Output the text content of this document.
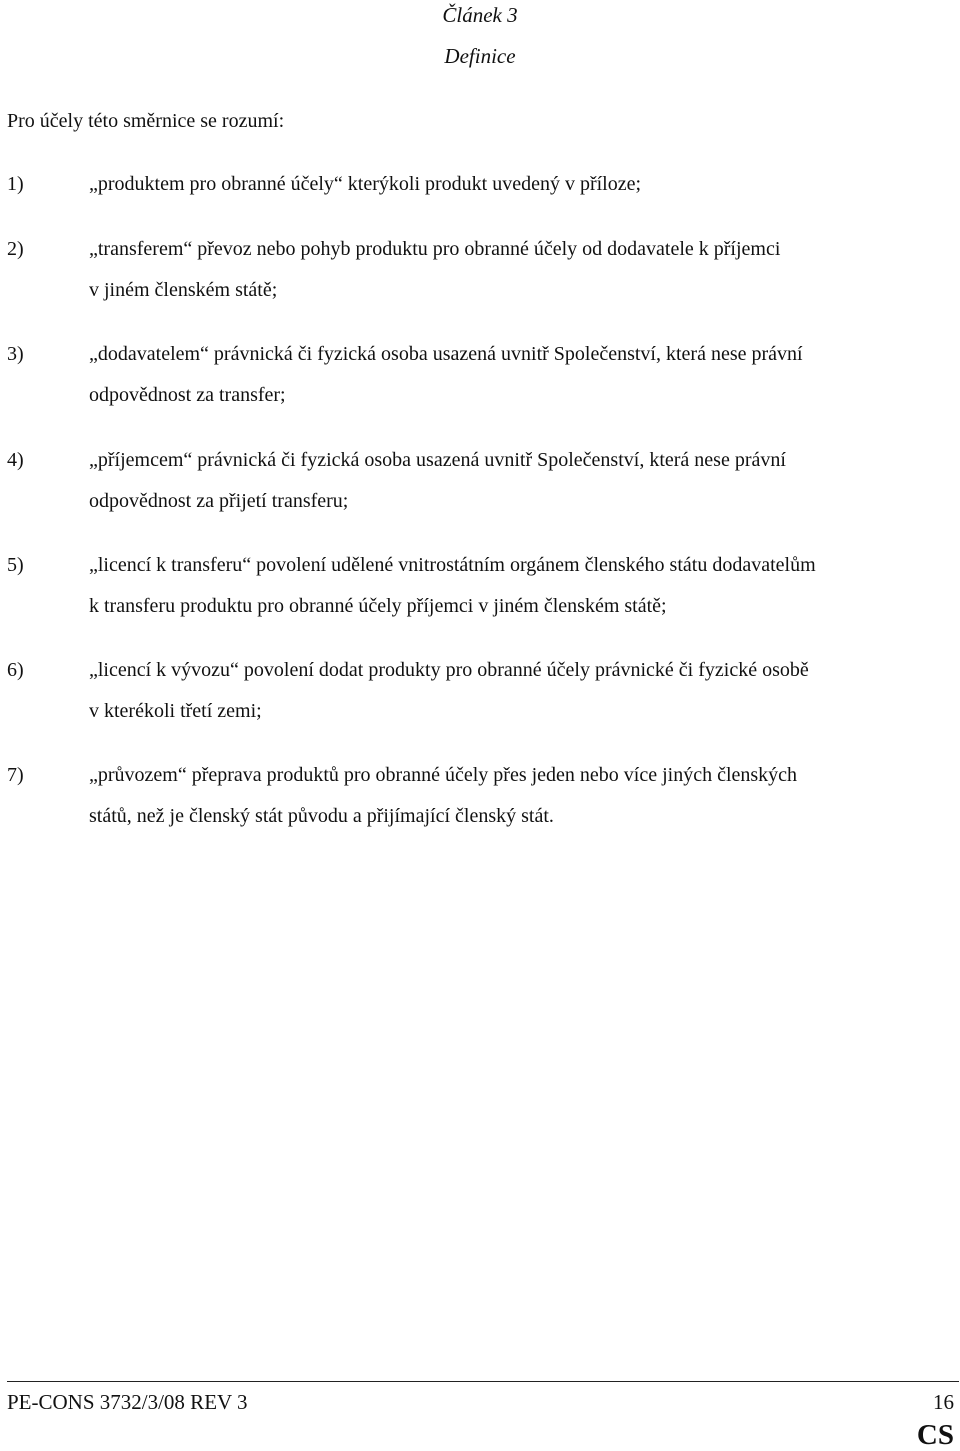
Článek 3
Definice
Pro účely této směrnice se rozumí:
1)	„produktem pro obranné účely“ kterýkoli produkt uvedený v příloze;
2)	„transferem“ převoz nebo pohyb produktu pro obranné účely od dodavatele k příjemci
v jiném členském státě;
3)	„dodavatelem“ právnická či fyzická osoba usazená uvnitř Společenství, která nese právní
odpovědnost za transfer;
4)	„příjemcem“ právnická či fyzická osoba usazená uvnitř Společenství, která nese právní
odpovědnost za přijetí transferu;
5)	„licencí k transferu“ povolení udělené vnitrostátním orgánem členského státu dodavatelům
k transferu produktu pro obranné účely příjemci v jiném členském státě;
6)	„licencí k vývozu“ povolení dodat produkty pro obranné účely právnické či fyzické osobě
v kterékoli třetí zemi;
7)	„průvozem“ přeprava produktů pro obranné účely přes jeden nebo více jiných členských
států, než je členský stát původu a přijímající členský stát.
PE-CONS 3732/3/08 REV 3	16
CS
